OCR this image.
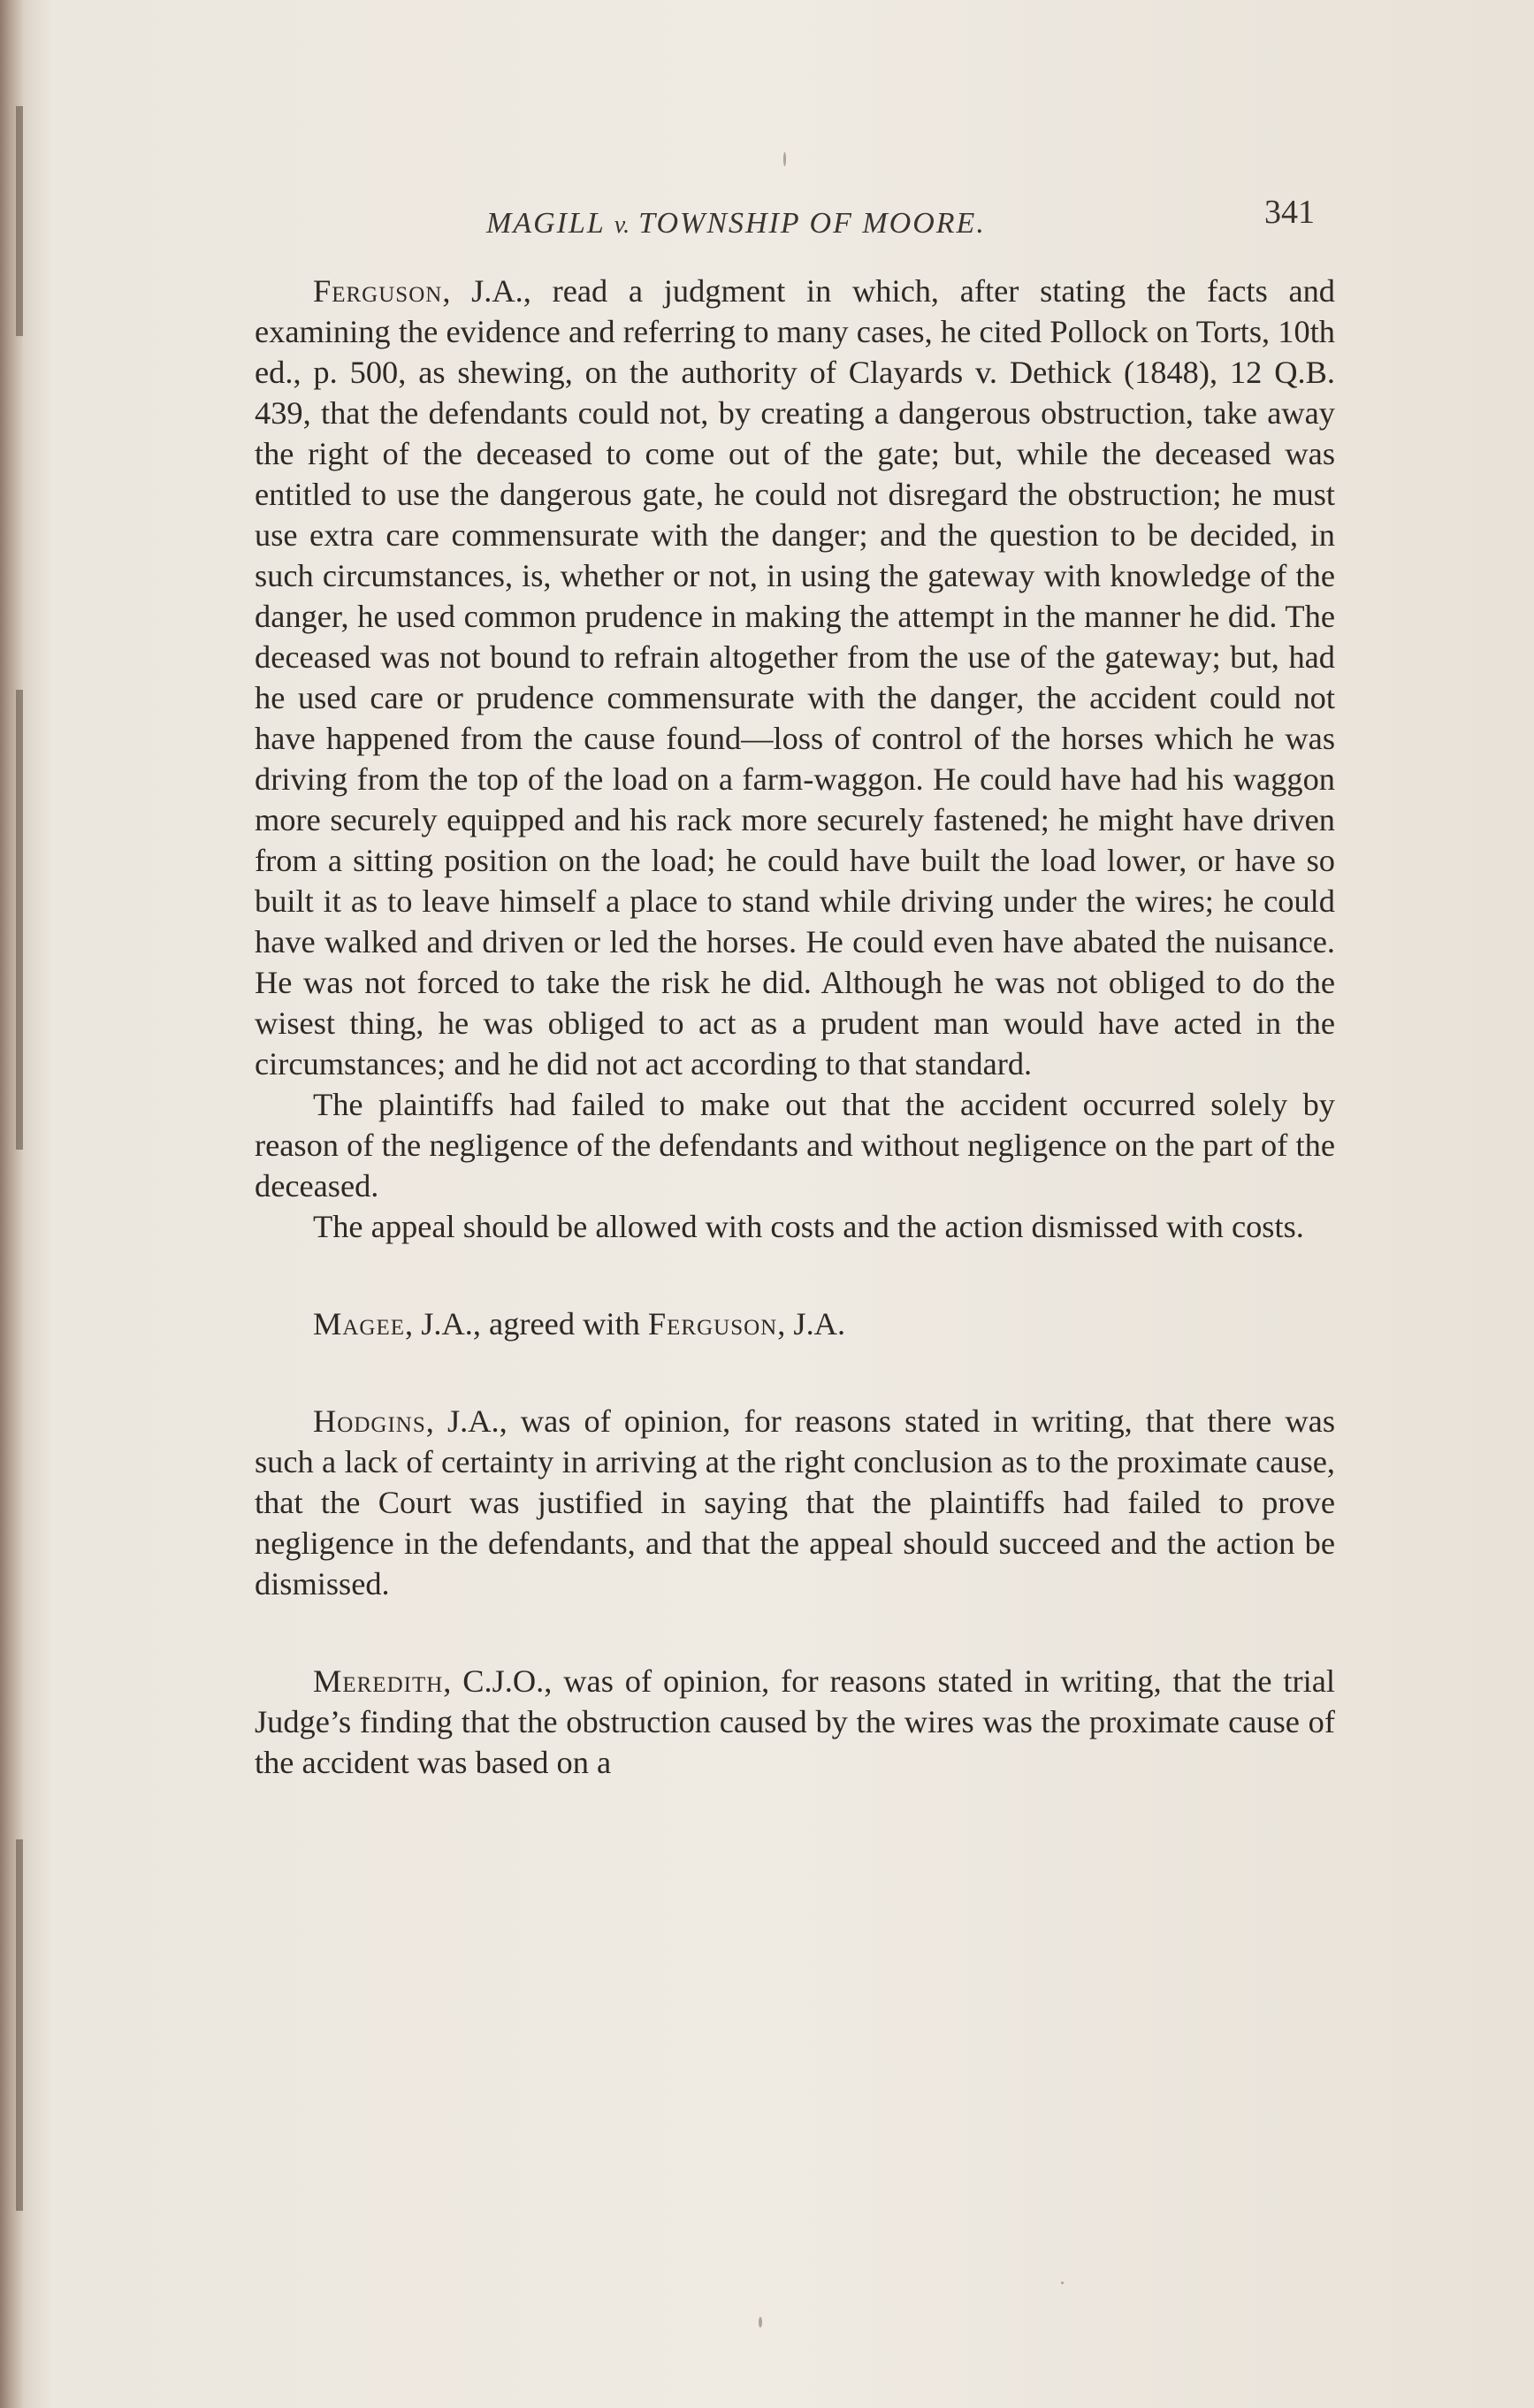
MAGILL v. TOWNSHIP OF MOORE.	341

Ferguson, J.A., read a judgment in which, after stating the facts and examining the evidence and referring to many cases, he cited Pollock on Torts, 10th ed., p. 500, as shewing, on the authority of Clayards v. Dethick (1848), 12 Q.B. 439, that the defendants could not, by creating a dangerous obstruction, take away the right of the deceased to come out of the gate; but, while the deceased was entitled to use the dangerous gate, he could not disregard the obstruction; he must use extra care commensurate with the danger; and the question to be decided, in such circumstances, is, whether or not, in using the gateway with knowledge of the danger, he used common prudence in making the attempt in the manner he did. The deceased was not bound to refrain altogether from the use of the gateway; but, had he used care or prudence commensurate with the danger, the accident could not have happened from the cause found—loss of control of the horses which he was driving from the top of the load on a farm-waggon. He could have had his waggon more securely equipped and his rack more securely fastened; he might have driven from a sitting position on the load; he could have built the load lower, or have so built it as to leave himself a place to stand while driving under the wires; he could have walked and driven or led the horses. He could even have abated the nuisance. He was not forced to take the risk he did. Although he was not obliged to do the wisest thing, he was obliged to act as a prudent man would have acted in the circumstances; and he did not act according to that standard.

The plaintiffs had failed to make out that the accident occurred solely by reason of the negligence of the defendants and without negligence on the part of the deceased.

The appeal should be allowed with costs and the action dismissed with costs.

Magee, J.A., agreed with Ferguson, J.A.

Hodgins, J.A., was of opinion, for reasons stated in writing, that there was such a lack of certainty in arriving at the right conclusion as to the proximate cause, that the Court was justified in saying that the plaintiffs had failed to prove negligence in the defendants, and that the appeal should succeed and the action be dismissed.

Meredith, C.J.O., was of opinion, for reasons stated in writing, that the trial Judge’s finding that the obstruction caused by the wires was the proximate cause of the accident was based on a
